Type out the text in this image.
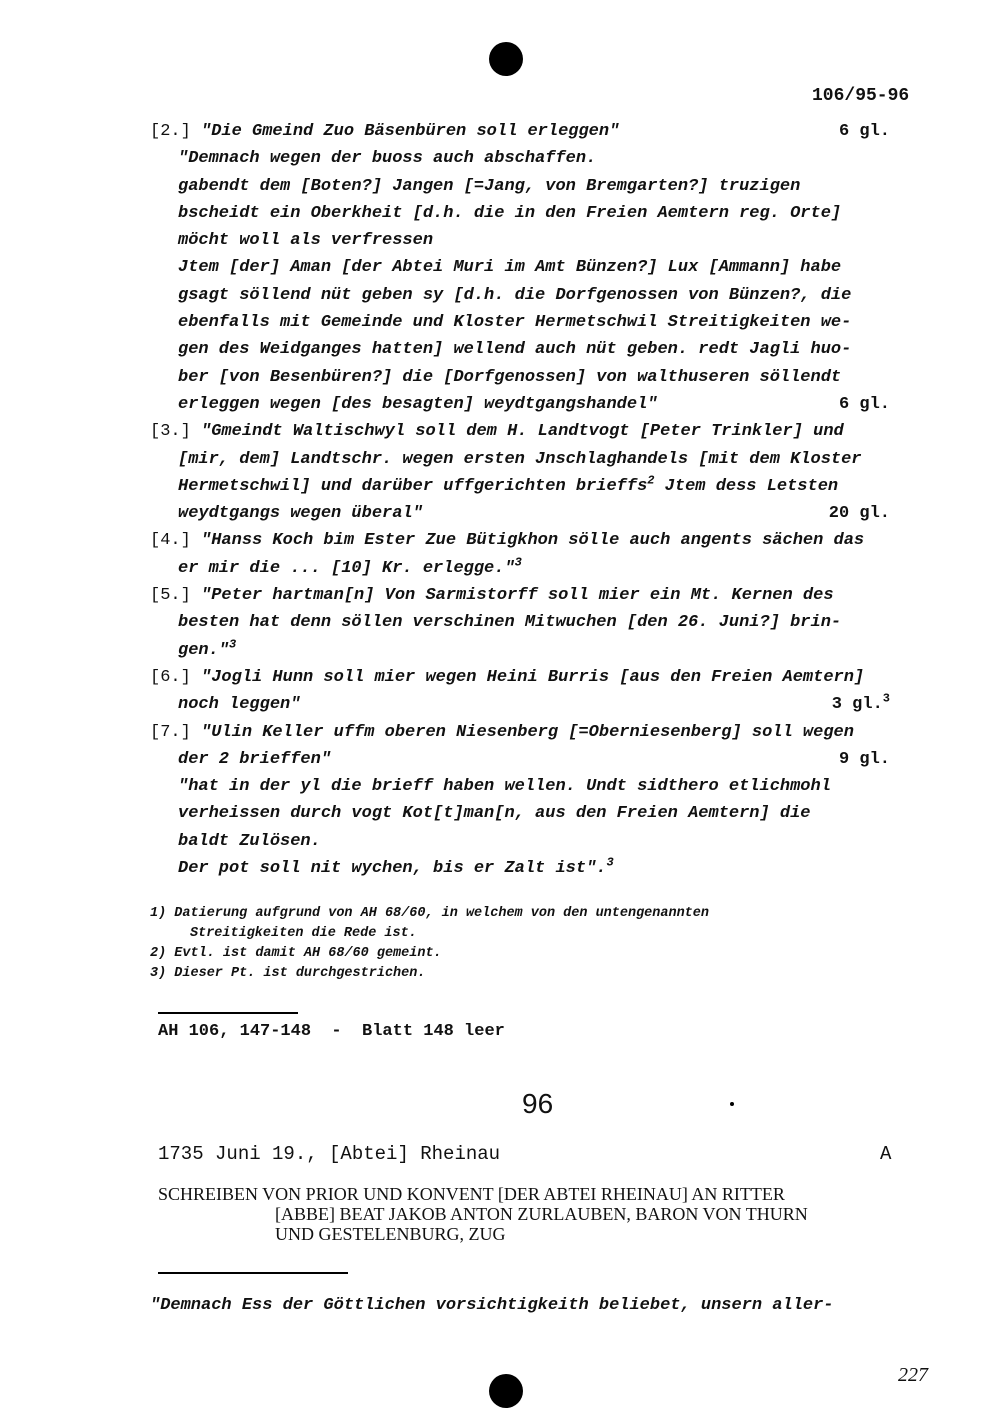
106/95-96
[2.] "Die Gmeind Zuo Bäsenbüren soll erleggen"	6 gl.
"Demnach wegen der buoss auch abschaffen.
gabendt dem [Boten?] Jangen [=Jang, von Bremgarten?] truzigen
bscheidt ein Oberkheit [d.h. die in den Freien Aemtern reg. Orte]
möcht woll als verfressen
Jtem [der] Aman [der Abtei Muri im Amt Bünzen?] Lux [Ammann] habe
gsagt söllend nüt geben sy [d.h. die Dorfgenossen von Bünzen?, die
ebenfalls mit Gemeinde und Kloster Hermetschwil Streitigkeiten we-
gen des Weidganges hatten] wellend auch nüt geben. redt Jagli huo-
ber [von Besenbüren?] die [Dorfgenossen] von walthuseren söllendt
erleggen wegen [des besagten] weydtgangshandel"	6 gl.
[3.] "Gmeindt Waltischwyl soll dem H. Landtvogt [Peter Trinkler] und
[mir, dem] Landtschr. wegen ersten Jnschlaghandels [mit dem Kloster
Hermetschwil] und darüber uffgerichten brieffs$^2$ Jtem dess Letsten
weydtgangs wegen überal"	20 gl.
[4.] "Hanss Koch bim Ester Zue Bütigkhon sölle auch angents sächen das
er mir die ... [10] Kr. erlegge."$^3$
[5.] "Peter hartman[n] Von Sarmistorff soll mier ein Mt. Kernen des
besten hat denn söllen verschinen Mitwuchen [den 26. Juni?] brin-
gen."$^3$
[6.] "Jogli Hunn soll mier wegen Heini Burris [aus den Freien Aemtern]
noch leggen"	3 gl.$^3$
[7.] "Ulin Keller uffm oberen Niesenberg [=Oberniesenberg] soll wegen
der 2 brieffen"	9 gl.
"hat in der yl die brieff haben wellen. Undt sidthero etlichmohl
verheissen durch vogt Kot[t]man[n, aus den Freien Aemtern] die
baldt Zulösen.
Der pot soll nit wychen, bis er Zalt ist".$^3$
1) Datierung aufgrund von AH 68/60, in welchem von den untengenannten
Streitigkeiten die Rede ist.
2) Evtl. ist damit AH 68/60 gemeint.
3) Dieser Pt. ist durchgestrichen.
AH 106, 147-148  -  Blatt 148 leer
96
1735 Juni 19., [Abtei] Rheinau	A
SCHREIBEN VON PRIOR UND KONVENT [DER ABTEI RHEINAU] AN RITTER
[ABBE] BEAT JAKOB ANTON ZURLAUBEN, BARON VON THURN
UND GESTELENBURG, ZUG
"Demnach Ess der Göttlichen vorsichtigkeith beliebet, unsern aller-
227
